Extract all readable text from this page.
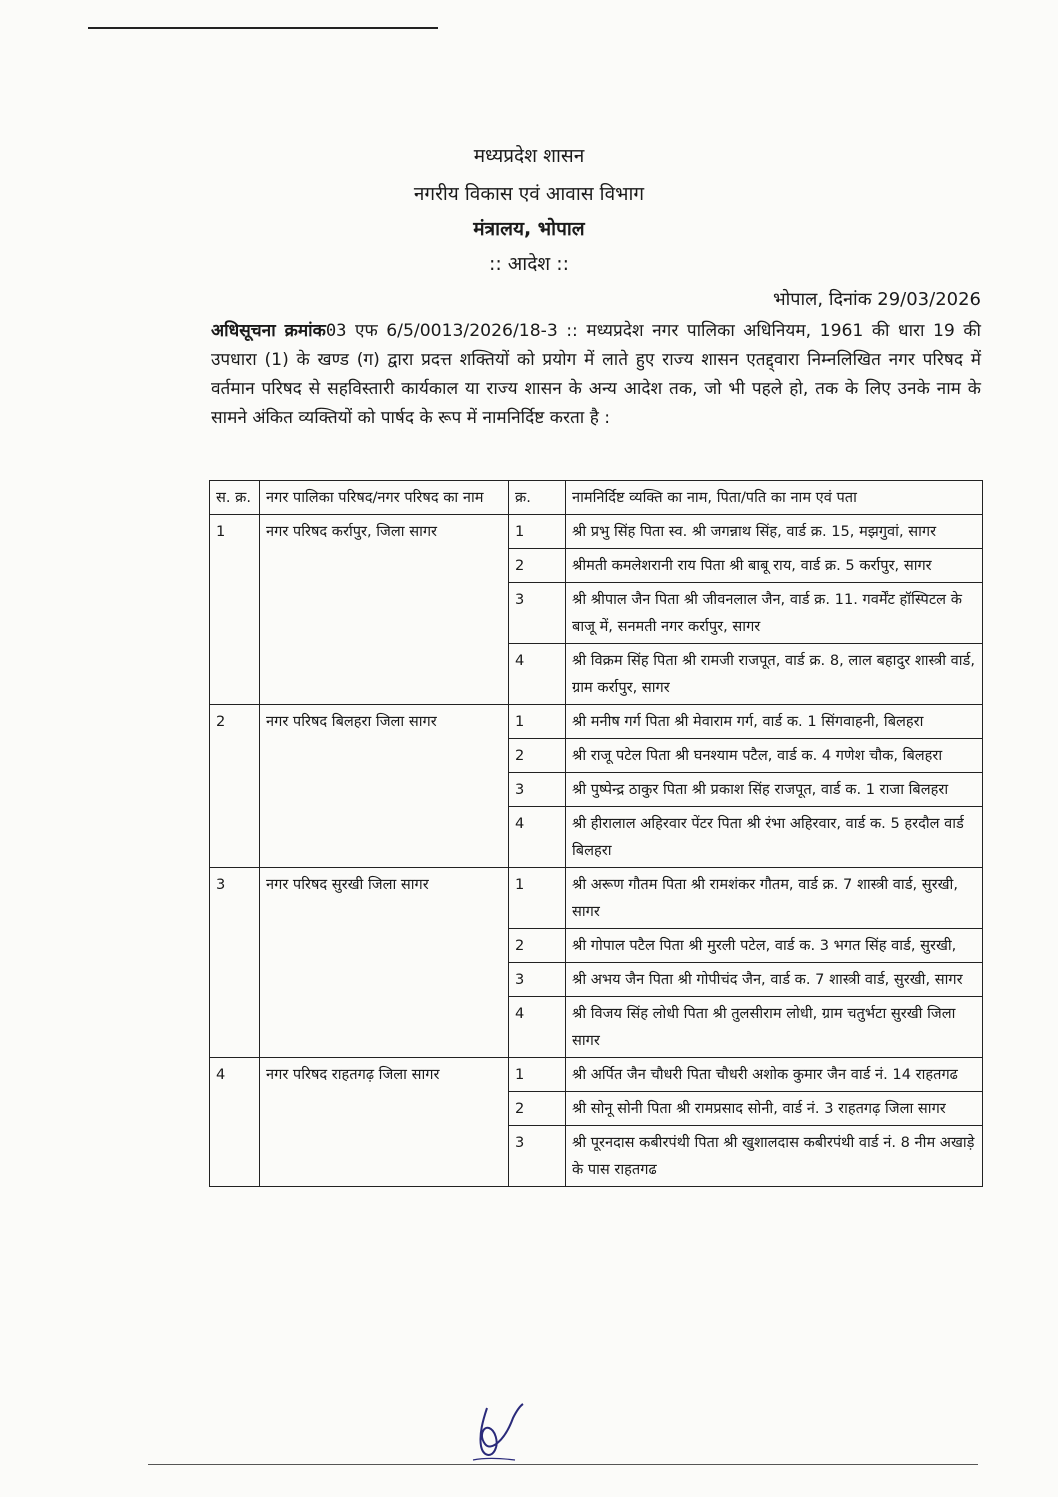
मध्यप्रदेश शासन
नगरीय विकास एवं आवास विभाग
मंत्रालय, भोपाल
:: आदेश ::
भोपाल, दिनांक 29/03/2026
अधिसूचना क्रमांक03 एफ 6/5/0013/2026/18-3 :: मध्यप्रदेश नगर पालिका अधिनियम, 1961 की धारा 19 की उपधारा (1) के खण्ड (ग) द्वारा प्रदत्त शक्तियों को प्रयोग में लाते हुए राज्य शासन एतद्द्वारा निम्नलिखित नगर परिषद में वर्तमान परिषद से सहविस्तारी कार्यकाल या राज्य शासन के अन्य आदेश तक, जो भी पहले हो, तक के लिए उनके नाम के सामने अंकित व्यक्तियों को पार्षद के रूप में नामनिर्दिष्ट करता है :
स. क्र.	नगर पालिका परिषद/नगर परिषद का नाम	क्र.	नामनिर्दिष्ट व्यक्ति का नाम, पिता/पति का नाम एवं पता
1	नगर परिषद कर्रापुर, जिला सागर	1	श्री प्रभु सिंह पिता स्व. श्री जगन्नाथ सिंह, वार्ड क्र. 15, मझगुवां, सागर
		2	श्रीमती कमलेशरानी राय पिता श्री बाबू राय, वार्ड क्र. 5 कर्रापुर, सागर
		3	श्री श्रीपाल जैन पिता श्री जीवनलाल जैन, वार्ड क्र. 11. गवर्मेंट हॉस्पिटल के बाजू में, सनमती नगर कर्रापुर, सागर
		4	श्री विक्रम सिंह पिता श्री रामजी राजपूत, वार्ड क्र. 8, लाल बहादुर शास्त्री वार्ड, ग्राम कर्रापुर, सागर
2	नगर परिषद बिलहरा जिला सागर	1	श्री मनीष गर्ग पिता श्री मेवाराम गर्ग, वार्ड क. 1 सिंगवाहनी, बिलहरा
		2	श्री राजू पटेल पिता श्री घनश्याम पटैल, वार्ड क. 4 गणेश चौक, बिलहरा
		3	श्री पुष्पेन्द्र ठाकुर पिता श्री प्रकाश सिंह राजपूत, वार्ड क. 1 राजा बिलहरा
		4	श्री हीरालाल अहिरवार पेंटर पिता श्री रंभा अहिरवार, वार्ड क. 5 हरदौल वार्ड बिलहरा
3	नगर परिषद सुरखी जिला सागर	1	श्री अरूण गौतम पिता श्री रामशंकर गौतम, वार्ड क्र. 7 शास्त्री वार्ड, सुरखी, सागर
		2	श्री गोपाल पटैल पिता श्री मुरली पटेल, वार्ड क. 3 भगत सिंह वार्ड, सुरखी,
		3	श्री अभय जैन पिता श्री गोपीचंद जैन, वार्ड क. 7 शास्त्री वार्ड, सुरखी, सागर
		4	श्री विजय सिंह लोधी पिता श्री तुलसीराम लोधी, ग्राम चतुर्भटा सुरखी जिला सागर
4	नगर परिषद राहतगढ़ जिला सागर	1	श्री अर्पित जैन चौधरी पिता चौधरी अशोक कुमार जैन वार्ड नं. 14 राहतगढ
		2	श्री सोनू सोनी पिता श्री रामप्रसाद सोनी, वार्ड नं. 3 राहतगढ़ जिला सागर
		3	श्री पूरनदास कबीरपंथी पिता श्री खुशालदास कबीरपंथी वार्ड नं. 8 नीम अखाड़े के पास राहतगढ
